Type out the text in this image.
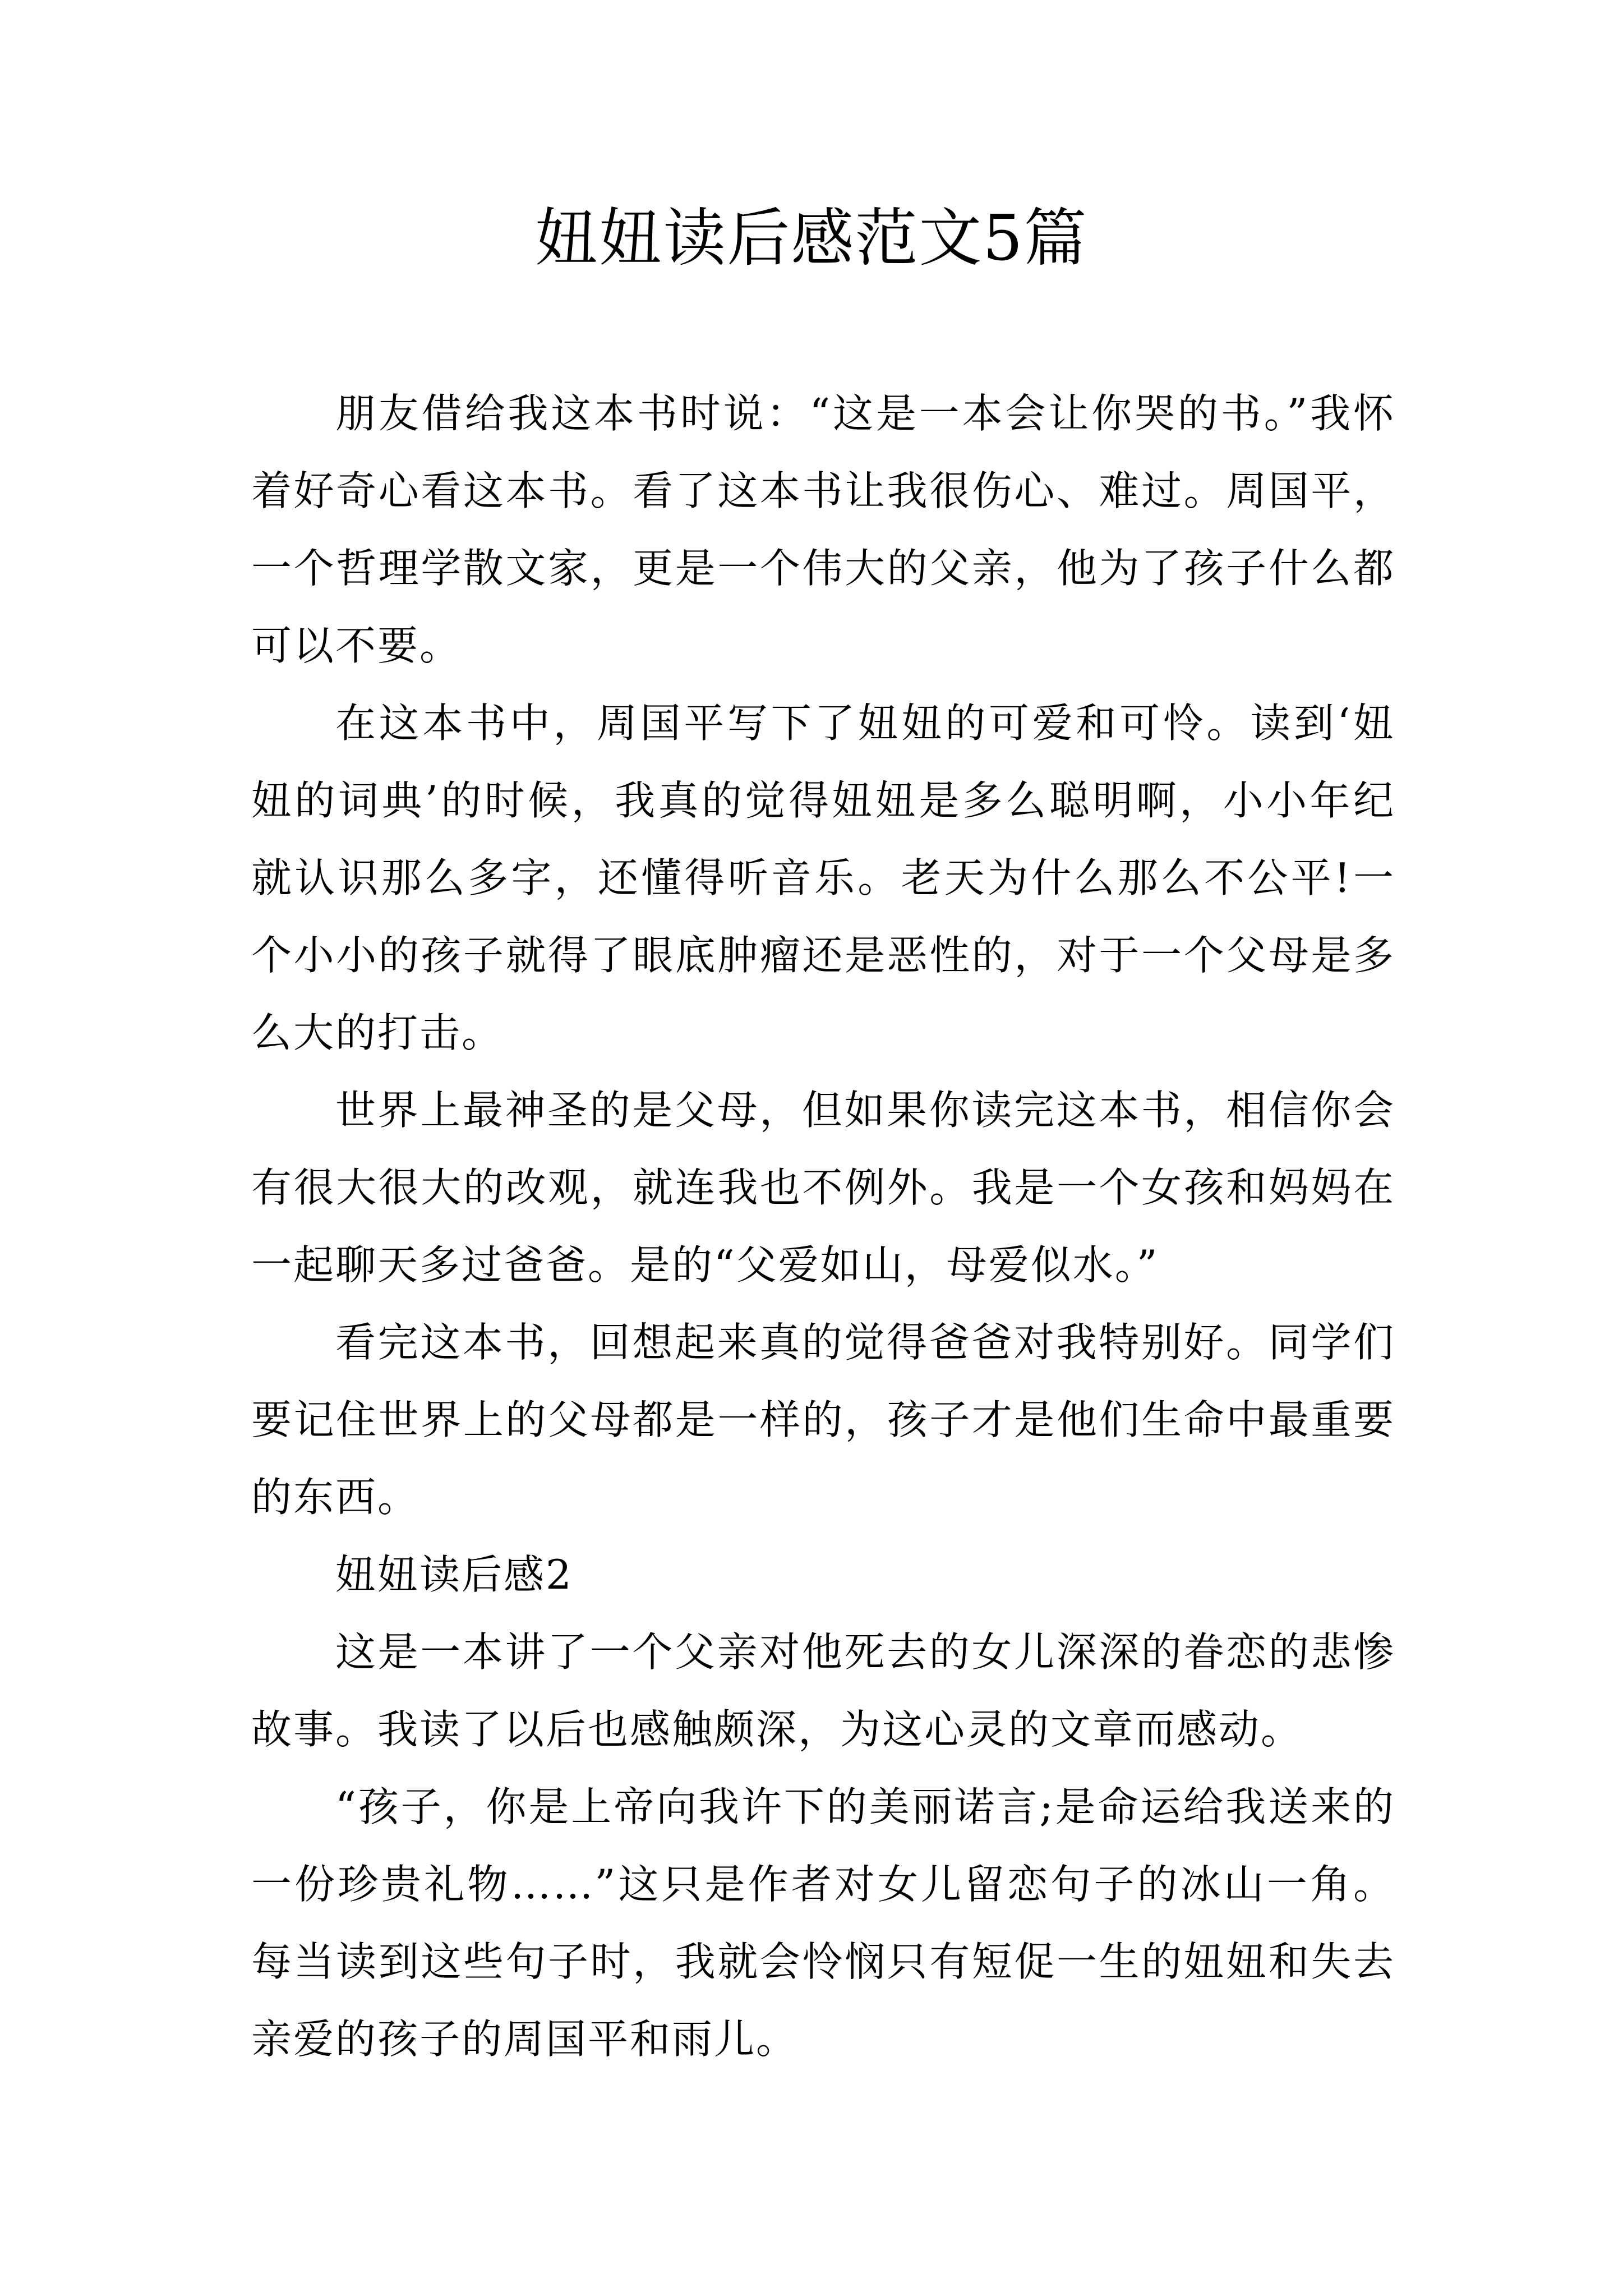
妞妞读后感范文5篇

朋友借给我这本书时说：“这是一本会让你哭的书。”我怀着好奇心看这本书。看了这本书让我很伤心、难过。周国平，一个哲理学散文家，更是一个伟大的父亲，他为了孩子什么都可以不要。

在这本书中，周国平写下了妞妞的可爱和可怜。读到‘妞妞的词典’的时候，我真的觉得妞妞是多么聪明啊，小小年纪就认识那么多字，还懂得听音乐。老天为什么那么不公平!一个小小的孩子就得了眼底肿瘤还是恶性的，对于一个父母是多么大的打击。

世界上最神圣的是父母，但如果你读完这本书，相信你会有很大很大的改观，就连我也不例外。我是一个女孩和妈妈在一起聊天多过爸爸。是的“父爱如山，母爱似水。”

看完这本书，回想起来真的觉得爸爸对我特别好。同学们要记住世界上的父母都是一样的，孩子才是他们生命中最重要的东西。

妞妞读后感2

这是一本讲了一个父亲对他死去的女儿深深的眷恋的悲惨故事。我读了以后也感触颇深，为这心灵的文章而感动。

“孩子，你是上帝向我许下的美丽诺言;是命运给我送来的一份珍贵礼物……”这只是作者对女儿留恋句子的冰山一角。每当读到这些句子时，我就会怜悯只有短促一生的妞妞和失去亲爱的孩子的周国平和雨儿。
